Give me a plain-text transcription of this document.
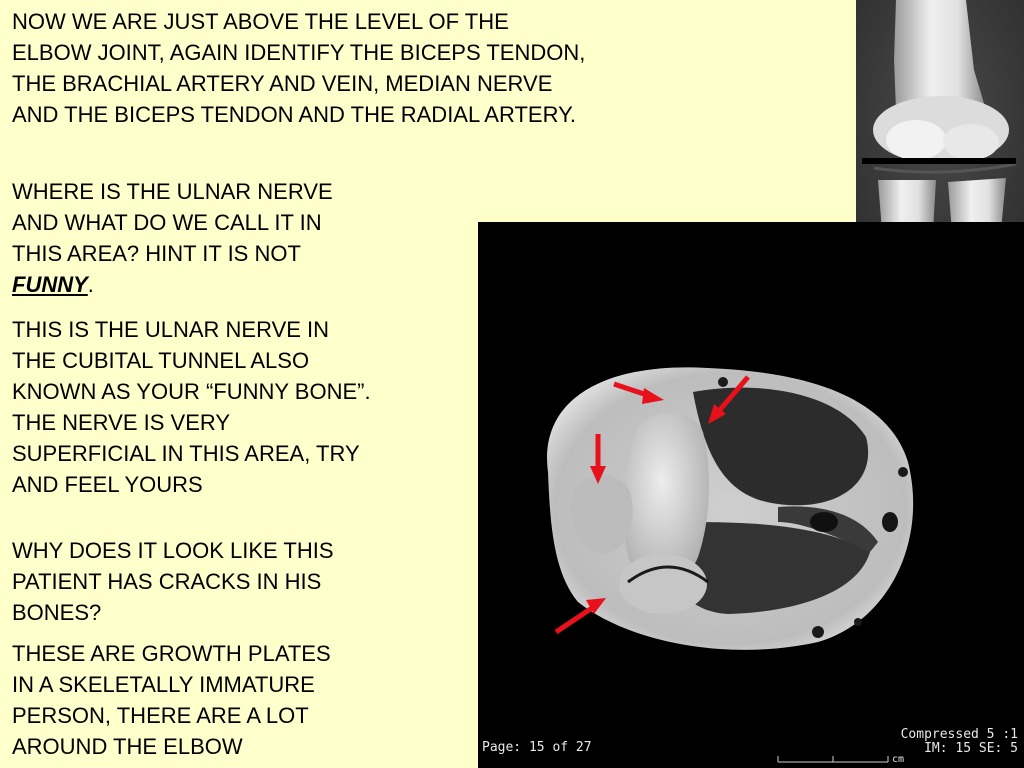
NOW WE ARE JUST ABOVE THE LEVEL OF THE
ELBOW JOINT, AGAIN IDENTIFY THE BICEPS TENDON,
THE BRACHIAL ARTERY AND VEIN, MEDIAN NERVE
AND THE BICEPS TENDON AND THE RADIAL ARTERY.

WHERE IS THE ULNAR NERVE
AND WHAT DO WE CALL IT IN
THIS AREA? HINT IT IS NOT
FUNNY.

THIS IS THE ULNAR NERVE IN
THE CUBITAL TUNNEL ALSO
KNOWN AS YOUR “FUNNY BONE”.
THE NERVE IS VERY
SUPERFICIAL IN THIS AREA, TRY
AND FEEL YOURS

WHY DOES IT LOOK LIKE THIS
PATIENT HAS CRACKS IN HIS
BONES?

THESE ARE GROWTH PLATES
IN A SKELETALLY IMMATURE
PERSON, THERE ARE A LOT
AROUND THE ELBOW	Page: 15 of 27
Compressed 5 :1
IM: 15 SE: 5
cm
